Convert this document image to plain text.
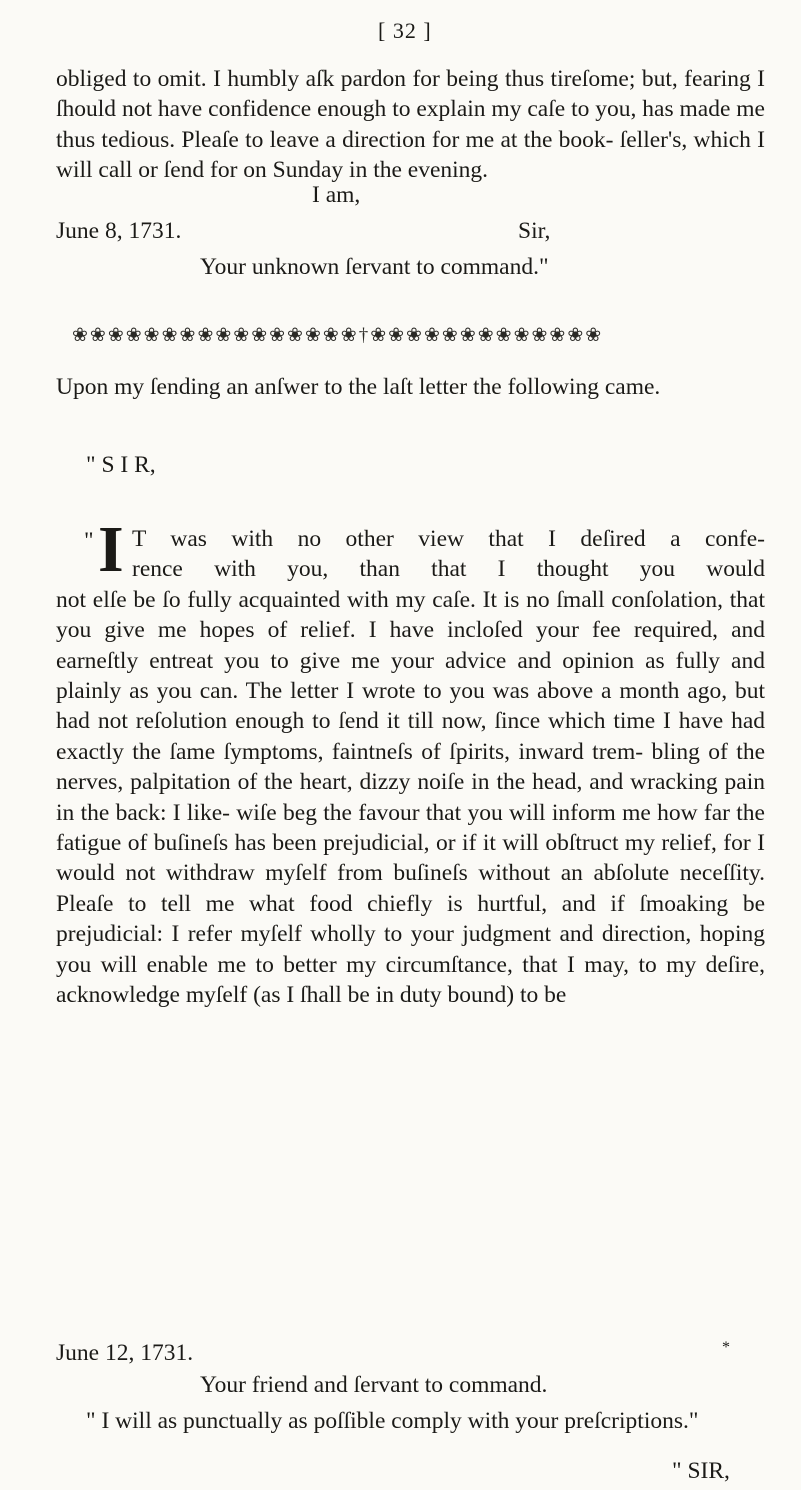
[ 32 ]

obliged to omit. I humbly aſk pardon for being thus tireſome; but, fearing I ſhould not have confidence enough to explain my caſe to you, has made me thus tedious. Pleaſe to leave a direction for me at the book- ſeller's, which I will call or ſend for on Sunday in the evening.

I am,
June 8, 1731.	Sir,
Your unknown ſervant to command."
❀❀❀❀❀❀❀❀❀❀❀❀❀❀❀❀†❀❀❀❀❀❀❀❀❀❀❀❀❀

Upon my ſending an anſwer to the laſt letter the following came.

" S I R,
" I T was with no other view that I deſired a confe-

rence with you, than that I thought you would

not elſe be ſo fully acquainted with my caſe. It is no ſmall conſolation, that you give me hopes of relief. I have incloſed your fee required, and earneſtly entreat you to give me your advice and opinion as fully and plainly as you can. The letter I wrote to you was above a month ago, but had not reſolution enough to ſend it till now, ſince which time I have had exactly the ſame ſymptoms, faintneſs of ſpirits, inward trem- bling of the nerves, palpitation of the heart, dizzy noiſe in the head, and wracking pain in the back: I like- wiſe beg the favour that you will inform me how far the fatigue of buſineſs has been prejudicial, or if it will obſtruct my relief, for I would not withdraw myſelf from buſineſs without an abſolute neceſſity. Pleaſe to tell me what food chiefly is hurtful, and if ſmoaking be prejudicial: I refer myſelf wholly to your judgment and direction, hoping you will enable me to better my circumſtance, that I may, to my deſire, acknowledge myſelf (as I ſhall be in duty bound) to be

June 12, 1731.	*
Your friend and ſervant to command.

" I will as punctually as poſſible comply with your preſcriptions."

" SIR,
